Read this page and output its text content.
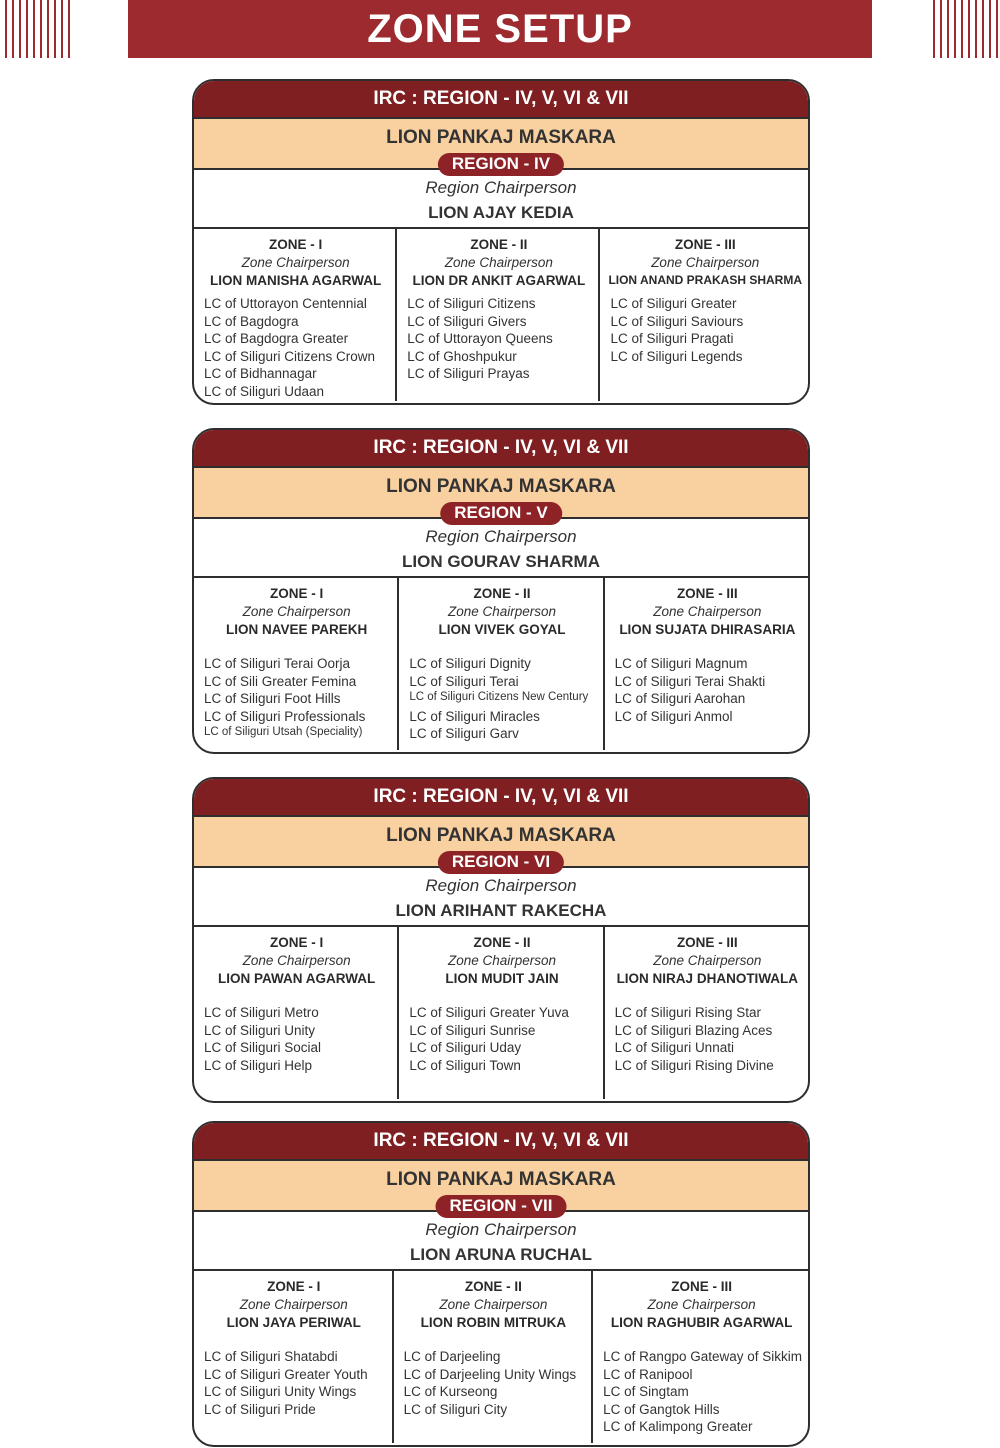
ZONE SETUP
IRC : REGION - IV, V, VI & VII
LION PANKAJ MASKARA
REGION - IV
Region Chairperson
LION AJAY KEDIA
ZONE - I
Zone Chairperson
LION MANISHA AGARWAL
LC of Uttorayon Centennial
LC of Bagdogra
LC of Bagdogra Greater
LC of Siliguri Citizens Crown
LC of Bidhannagar
LC of Siliguri Udaan
ZONE - II
Zone Chairperson
LION DR ANKIT AGARWAL
LC of Siliguri Citizens
LC of Siliguri Givers
LC of Uttorayon Queens
LC of Ghoshpukur
LC of Siliguri Prayas
ZONE - III
Zone Chairperson
LION ANAND PRAKASH SHARMA
LC of Siliguri Greater
LC of Siliguri Saviours
LC of Siliguri Pragati
LC of Siliguri Legends
IRC : REGION - IV, V, VI & VII
LION PANKAJ MASKARA
REGION - V
Region Chairperson
LION GOURAV SHARMA
ZONE - I
Zone Chairperson
LION NAVEE PAREKH
LC of Siliguri Terai Oorja
LC of Sili Greater Femina
LC of Siliguri Foot Hills
LC of Siliguri Professionals
LC of Siliguri Utsah (Speciality)
ZONE - II
Zone Chairperson
LION VIVEK GOYAL
LC of Siliguri Dignity
LC of Siliguri Terai
LC of Siliguri Citizens New Century
LC of Siliguri Miracles
LC of Siliguri Garv
ZONE - III
Zone Chairperson
LION SUJATA DHIRASARIA
LC of Siliguri Magnum
LC of Siliguri Terai Shakti
LC of Siliguri Aarohan
LC of Siliguri Anmol
IRC : REGION - IV, V, VI & VII
LION PANKAJ MASKARA
REGION - VI
Region Chairperson
LION ARIHANT RAKECHA
ZONE - I
Zone Chairperson
LION PAWAN AGARWAL
LC of Siliguri Metro
LC of Siliguri Unity
LC of Siliguri Social
LC of Siliguri Help
ZONE - II
Zone Chairperson
LION MUDIT JAIN
LC of Siliguri Greater Yuva
LC of Siliguri Sunrise
LC of Siliguri Uday
LC of Siliguri Town
ZONE - III
Zone Chairperson
LION NIRAJ DHANOTIWALA
LC of Siliguri Rising Star
LC of Siliguri Blazing Aces
LC of Siliguri Unnati
LC of Siliguri Rising Divine
IRC : REGION - IV, V, VI & VII
LION PANKAJ MASKARA
REGION - VII
Region Chairperson
LION ARUNA RUCHAL
ZONE - I
Zone Chairperson
LION JAYA PERIWAL
LC of Siliguri Shatabdi
LC of Siliguri Greater Youth
LC of Siliguri Unity Wings
LC of Siliguri Pride
ZONE - II
Zone Chairperson
LION ROBIN MITRUKA
LC of Darjeeling
LC of Darjeeling Unity Wings
LC of Kurseong
LC of Siliguri City
ZONE - III
Zone Chairperson
LION RAGHUBIR AGARWAL
LC of Rangpo Gateway of Sikkim
LC of Ranipool
LC of Singtam
LC of Gangtok Hills
LC of Kalimpong Greater
